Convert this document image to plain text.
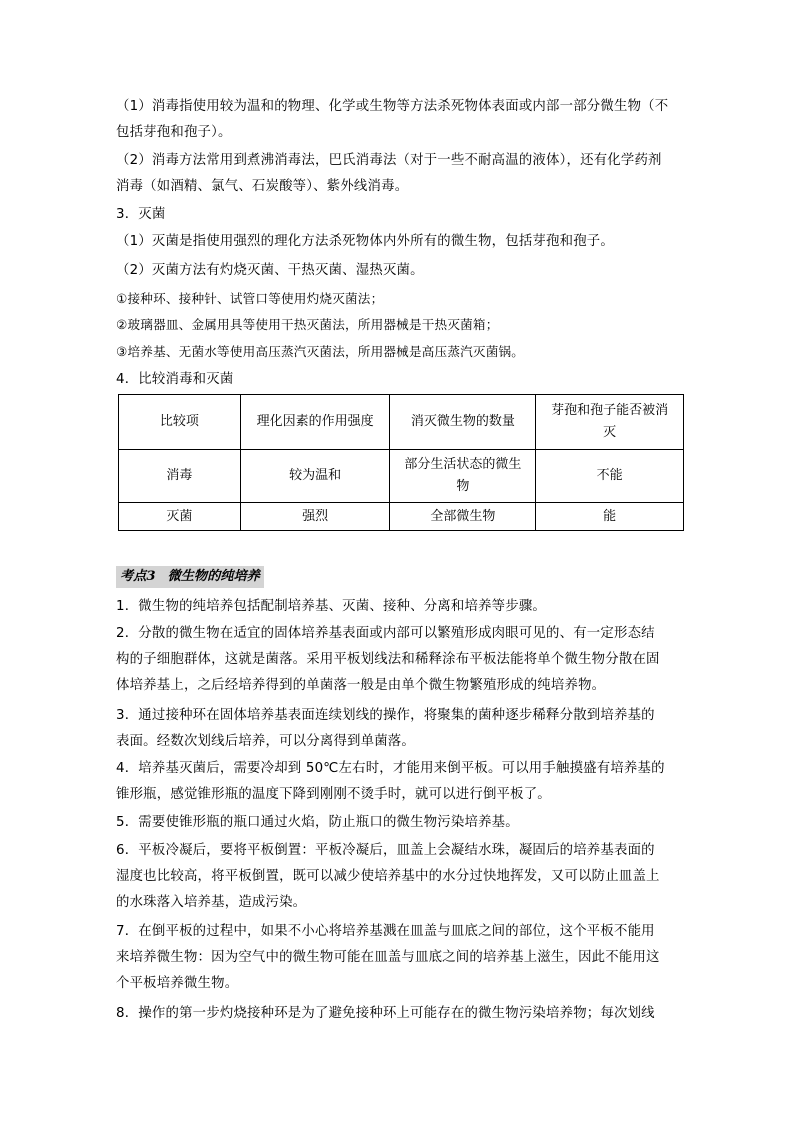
（1）消毒指使用较为温和的物理、化学或生物等方法杀死物体表面或内部一部分微生物（不
包括芽孢和孢子）。

（2）消毒方法常用到煮沸消毒法，巴氏消毒法（对于一些不耐高温的液体），还有化学药剂
消毒（如酒精、氯气、石炭酸等）、紫外线消毒。

3．灭菌
（1）灭菌是指使用强烈的理化方法杀死物体内外所有的微生物，包括芽孢和孢子。
（2）灭菌方法有灼烧灭菌、干热灭菌、湿热灭菌。
①接种环、接种针、试管口等使用灼烧灭菌法；
②玻璃器皿、金属用具等使用干热灭菌法，所用器械是干热灭菌箱；
③培养基、无菌水等使用高压蒸汽灭菌法，所用器械是高压蒸汽灭菌锅。
4．比较消毒和灭菌
比较项	理化因素的作用强度	消灭微生物的数量	芽孢和孢子能否被消灭
消毒	较为温和	部分生活状态的微生物	不能
灭菌	强烈	全部微生物	能
考点3 微生物的纯培养

1．微生物的纯培养包括配制培养基、灭菌、接种、分离和培养等步骤。

2．分散的微生物在适宜的固体培养基表面或内部可以繁殖形成肉眼可见的、有一定形态结
构的子细胞群体，这就是菌落。采用平板划线法和稀释涂布平板法能将单个微生物分散在固
体培养基上，之后经培养得到的单菌落一般是由单个微生物繁殖形成的纯培养物。

3．通过接种环在固体培养基表面连续划线的操作，将聚集的菌种逐步稀释分散到培养基的
表面。经数次划线后培养，可以分离得到单菌落。

4．培养基灭菌后，需要冷却到 50℃左右时，才能用来倒平板。可以用手触摸盛有培养基的
锥形瓶，感觉锥形瓶的温度下降到刚刚不烫手时，就可以进行倒平板了。

5．需要使锥形瓶的瓶口通过火焰，防止瓶口的微生物污染培养基。

6．平板冷凝后，要将平板倒置：平板冷凝后，皿盖上会凝结水珠，凝固后的培养基表面的
湿度也比较高，将平板倒置，既可以减少使培养基中的水分过快地挥发，又可以防止皿盖上
的水珠落入培养基，造成污染。

7．在倒平板的过程中，如果不小心将培养基溅在皿盖与皿底之间的部位，这个平板不能用
来培养微生物：因为空气中的微生物可能在皿盖与皿底之间的培养基上滋生，因此不能用这
个平板培养微生物。

8．操作的第一步灼烧接种环是为了避免接种环上可能存在的微生物污染培养物；每次划线
